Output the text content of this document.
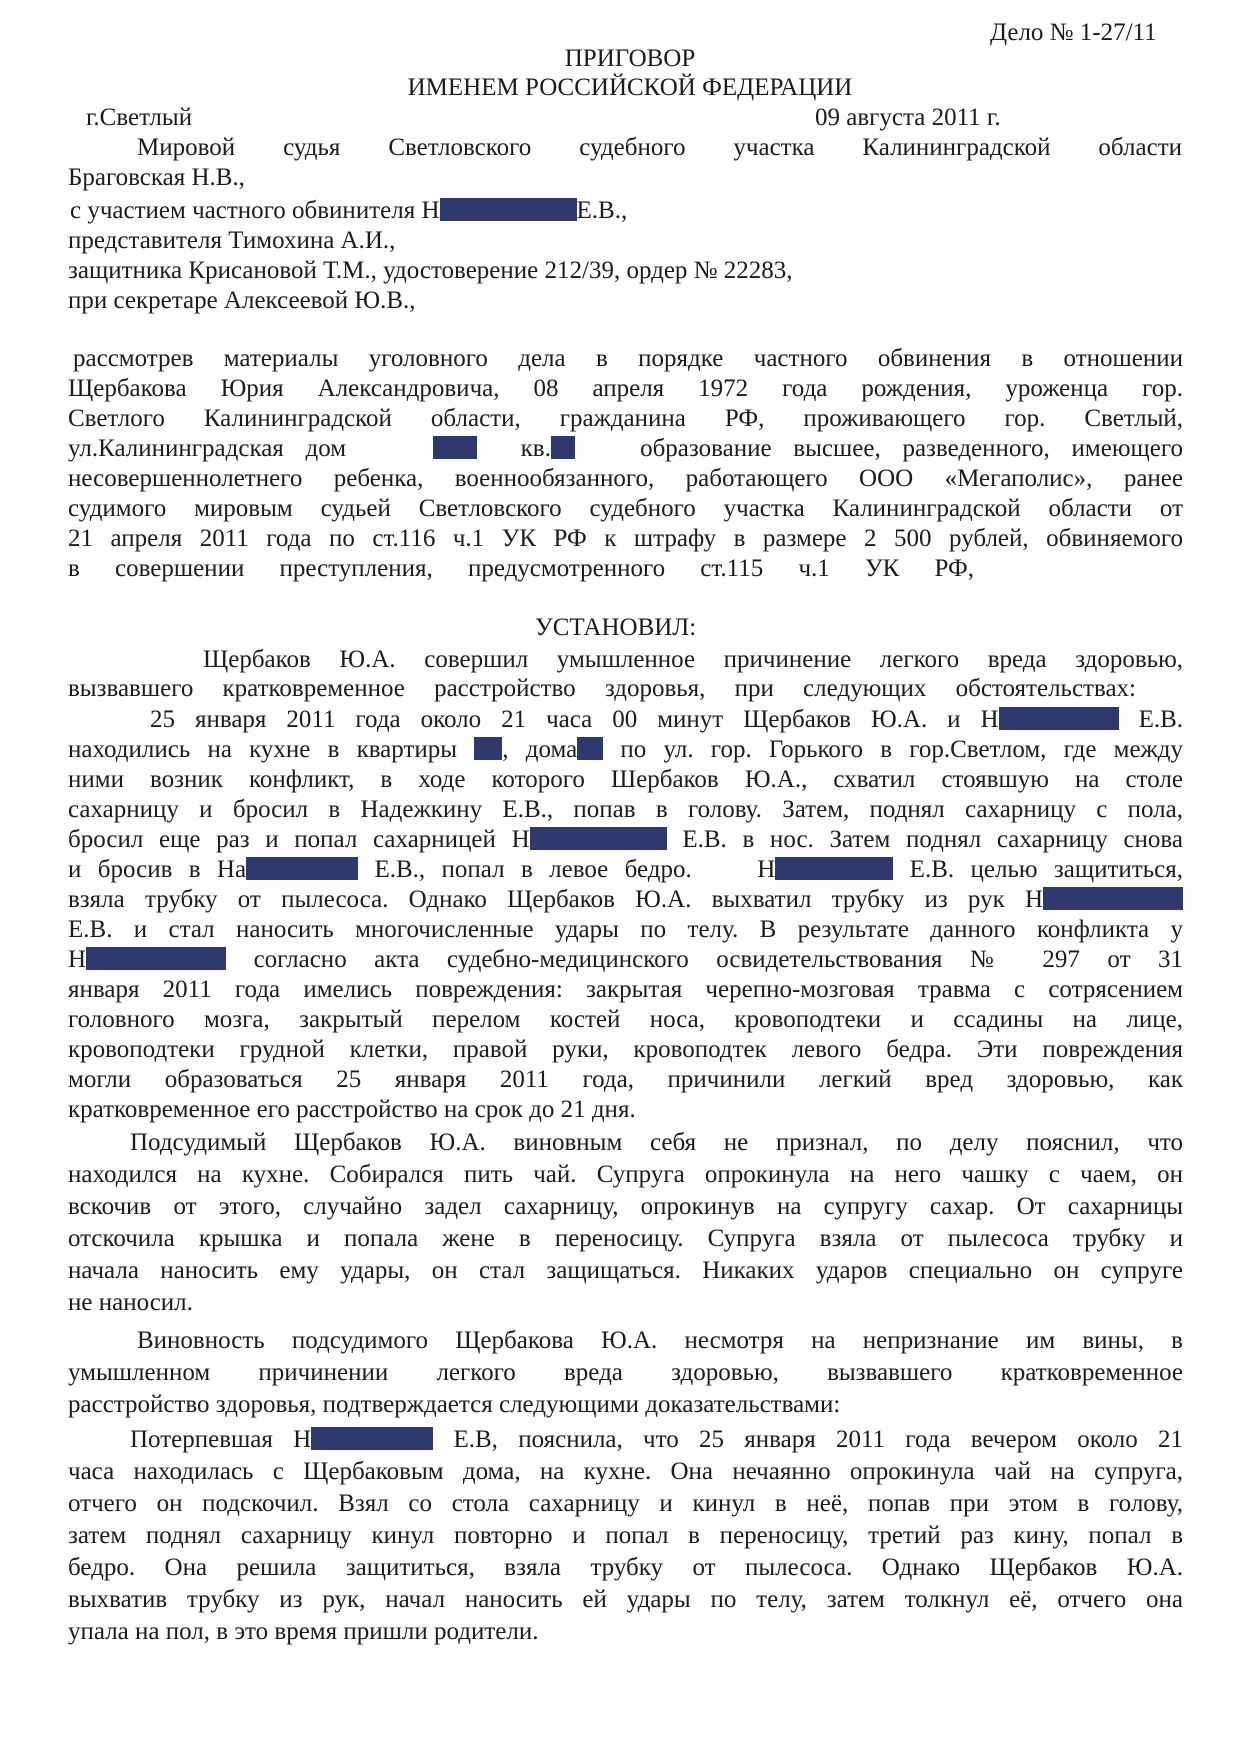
Дело № 1-27/11
ПРИГОВОР
ИМЕНЕМ РОССИЙСКОЙ ФЕДЕРАЦИИ
г.Светлый	09 августа 2011 г.
Мировой судья Светловского судебного участка Калининградской области
Браговская Н.В.,
с участием частного обвинителя Н	Е.В.,
представителя Тимохина А.И.,
защитника Крисановой Т.М., удостоверение 212/39, ордер № 22283,
при секретаре Алексеевой Ю.В.,
рассмотрев материалы уголовного дела в порядке частного обвинения в отношении
Щербакова Юрия Александровича, 08 апреля 1972 года рождения, уроженца гор.
Светлого Калининградской области, гражданина РФ, проживающего гор. Светлый,
ул.Калининградская дом	кв.	образование высшее, разведенного, имеющего
несовершеннолетнего ребенка, военнообязанного, работающего ООО «Мегаполис», ранее
судимого мировым судьей Светловского судебного участка Калининградской области от
21 апреля 2011 года по ст.116 ч.1 УК РФ к штрафу в размере 2 500 рублей, обвиняемого
в совершении преступления, предусмотренного ст.115 ч.1 УК РФ,
УСТАНОВИЛ:
Щербаков Ю.А. совершил умышленное причинение легкого вреда здоровью,
вызвавшего кратковременное расстройство здоровья, при следующих обстоятельствах:
25 января 2011 года около 21 часа 00 минут Щербаков Ю.А. и Н	Е.В.
находились на кухне в квартиры , дома по ул. гор. Горького в гор.Светлом, где между
ними возник конфликт, в ходе которого Шербаков Ю.А., схватил стоявшую на столе
сахарницу и бросил в Надежкину Е.В., попав в голову. Затем, поднял сахарницу с пола,
бросил еще раз и попал сахарницей Н	Е.В. в нос. Затем поднял сахарницу снова
и бросив в На	Е.В., попал в левое бедро.	Н	Е.В. целью защититься,
взяла трубку от пылесоса. Однако Щербаков Ю.А. выхватил трубку из рук Н
Е.В. и стал наносить многочисленные удары по телу. В результате данного конфликта у
Н	согласно акта судебно-медицинского освидетельствования № 297 от 31
января 2011 года имелись повреждения: закрытая черепно-мозговая травма с сотрясением
головного мозга, закрытый перелом костей носа, кровоподтеки и ссадины на лице,
кровоподтеки грудной клетки, правой руки, кровоподтек левого бедра. Эти повреждения
могли образоваться 25 января 2011 года, причинили легкий вред здоровью, как
кратковременное его расстройство на срок до 21 дня.
Подсудимый Щербаков Ю.А. виновным себя не признал, по делу пояснил, что
находился на кухне. Собирался пить чай. Супруга опрокинула на него чашку с чаем, он
вскочив от этого, случайно задел сахарницу, опрокинув на супругу сахар. От сахарницы
отскочила крышка и попала жене в переносицу. Супруга взяла от пылесоса трубку и
начала наносить ему удары, он стал защищаться. Никаких ударов специально он супруге
не наносил.
Виновность подсудимого Щербакова Ю.А. несмотря на непризнание им вины, в
умышленном причинении легкого вреда здоровью, вызвавшего кратковременное
расстройство здоровья, подтверждается следующими доказательствами:
Потерпевшая Н	Е.В, пояснила, что 25 января 2011 года вечером около 21
часа находилась с Щербаковым дома, на кухне. Она нечаянно опрокинула чай на супруга,
отчего он подскочил. Взял со стола сахарницу и кинул в неё, попав при этом в голову,
затем поднял сахарницу кинул повторно и попал в переносицу, третий раз кину, попал в
бедро. Она решила защититься, взяла трубку от пылесоса. Однако Щербаков Ю.А.
выхватив трубку из рук, начал наносить ей удары по телу, затем толкнул её, отчего она
упала на пол, в это время пришли родители.
